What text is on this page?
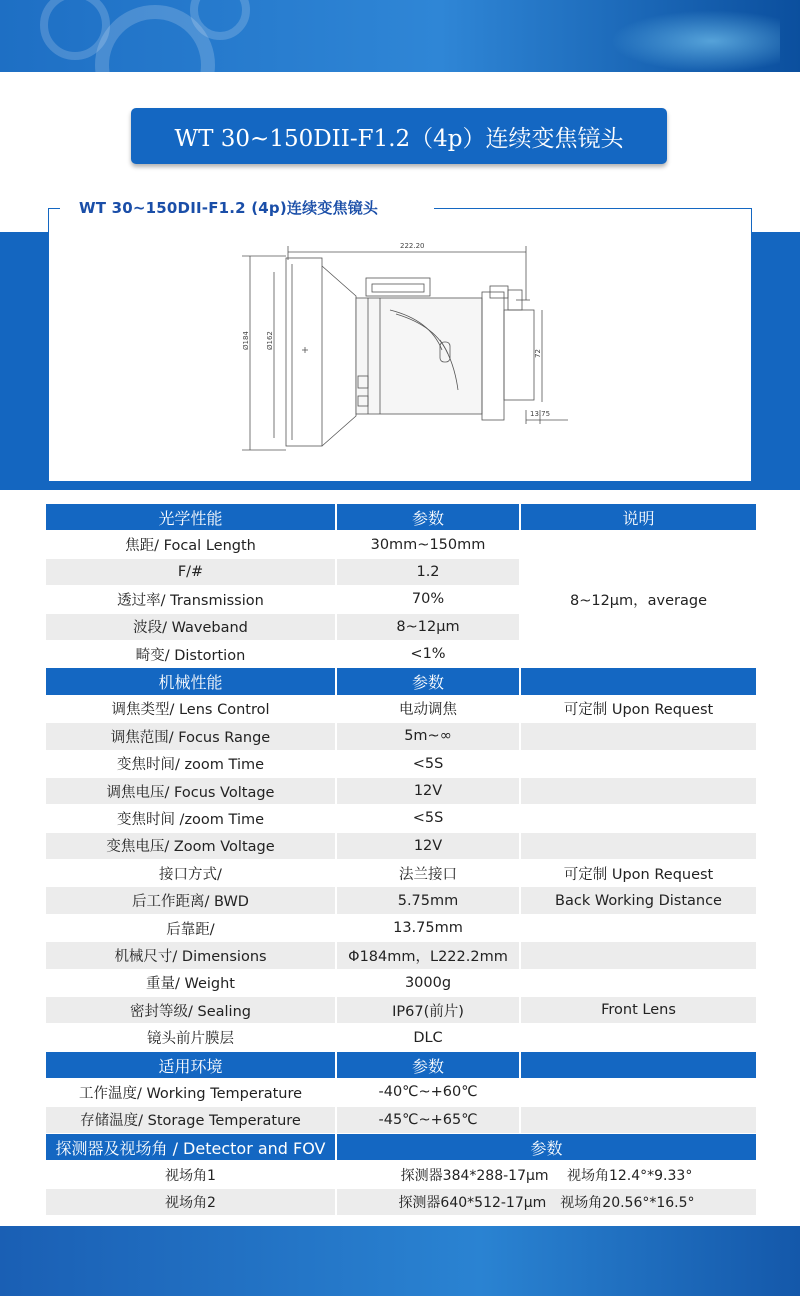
WT 30~150DII-F1.2（4p）连续变焦镜头
WT 30~150DII-F1.2 (4p)连续变焦镜头
222.20
Ø184 Ø162
72
13.75
光学性能	参数	说明
焦距/ Focal Length	30mm~150mm	8~12μm，average
F/#	1.2	
透过率/ Transmission	70%	
波段/ Waveband	8~12μm	
畸变/ Distortion	<1%	
机械性能	参数	
调焦类型/ Lens Control	电动调焦	可定制 Upon Request
调焦范围/ Focus Range	5m~∞	
变焦时间/ zoom Time	<5S	
调焦电压/ Focus Voltage	12V	
变焦时间 /zoom Time	<5S	
变焦电压/ Zoom Voltage	12V	
接口方式/	法兰接口	可定制 Upon Request
后工作距离/ BWD	5.75mm	Back Working Distance
后靠距/	13.75mm	
机械尺寸/ Dimensions	Φ184mm，L222.2mm	
重量/ Weight	3000g	
密封等级/ Sealing	IP67(前片)	Front Lens
镜头前片膜层	DLC	
适用环境	参数	
工作温度/ Working Temperature	-40℃~+60℃	
存储温度/ Storage Temperature	-45℃~+65℃	
探测器及视场角 / Detector and FOV	参数	
视场角1	探测器384*288-17μm　 视场角12.4°*9.33°	
视场角2	探测器640*512-17μm　视场角20.56°*16.5°	
